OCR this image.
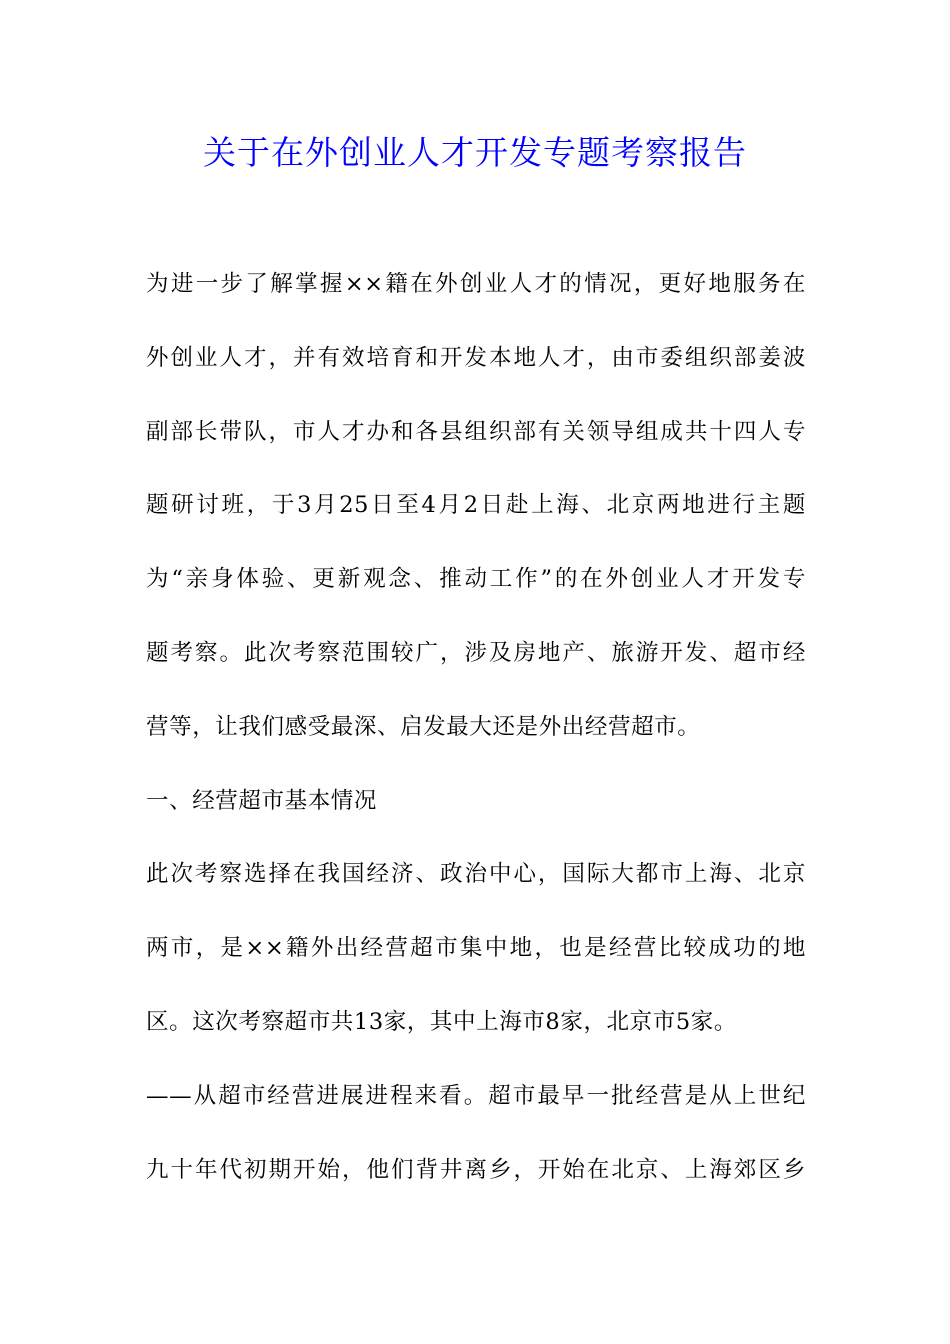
关于在外创业人才开发专题考察报告
为进一步了解掌握××籍在外创业人才的情况，更好地服务在
外创业人才，并有效培育和开发本地人才，由市委组织部姜波
副部长带队，市人才办和各县组织部有关领导组成共十四人专
题研讨班，于3月25日至4月2日赴上海、北京两地进行主题
为“亲身体验、更新观念、推动工作”的在外创业人才开发专
题考察。此次考察范围较广，涉及房地产、旅游开发、超市经
营等，让我们感受最深、启发最大还是外出经营超市。
一、经营超市基本情况
此次考察选择在我国经济、政治中心，国际大都市上海、北京
两市，是××籍外出经营超市集中地，也是经营比较成功的地
区。这次考察超市共13家，其中上海市8家，北京市5家。
——从超市经营进展进程来看。超市最早一批经营是从上世纪
九十年代初期开始，他们背井离乡，开始在北京、上海郊区乡
